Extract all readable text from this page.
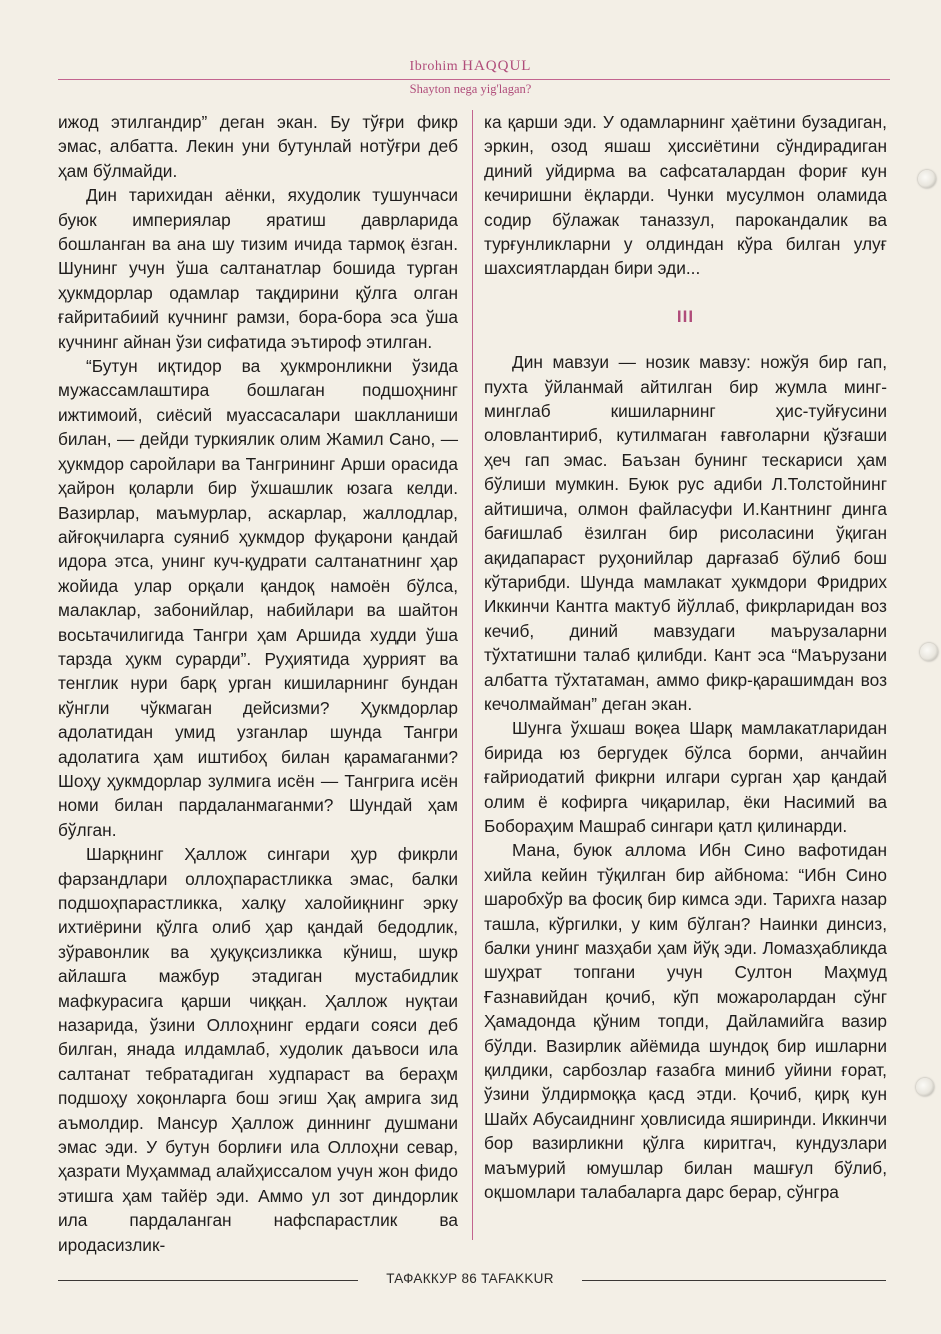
Ibrohim HAQQUL
Shayton nega yig'lagan?

ижод этилгандир” деган экан. Бу тўғри фикр эмас, албатта. Лекин уни бутунлай нотўғри деб ҳам бўлмайди.

Дин тарихидан аёнки, яхудолик тушунчаси буюк империялар яратиш даврларида бошланган ва ана шу тизим ичида тармоқ ёзган. Шунинг учун ўша салтанатлар бошида турган ҳукмдорлар одамлар тақдирини қўлга олган ғайритабиий кучнинг рамзи, бора-бора эса ўша кучнинг айнан ўзи сифатида эътироф этилган.

“Бутун иқтидор ва ҳукмронликни ўзида мужассамлаштира бошлаган подшоҳнинг ижтимоий, сиёсий муассасалари шаклланиши билан, — дейди туркиялик олим Жамил Сано, — ҳукмдор саройлари ва Тангрининг Арши орасида ҳайрон қоларли бир ўхшашлик юзага келди. Вазирлар, маъмурлар, аскарлар, жаллодлар, айғоқчиларга суяниб ҳукмдор фуқарони қандай идора этса, унинг куч-қудрати салтанатнинг ҳар жойида улар орқали қандоқ намоён бўлса, малаклар, забонийлар, набийлари ва шайтон восьтачилигида Тангри ҳам Аршида худди ўша тарзда ҳукм сурарди”. Руҳиятида ҳуррият ва тенглик нури барқ урган кишиларнинг бундан кўнгли чўкмаган дейсизми? Ҳукмдорлар адолатидан умид узганлар шунда Тангри адолатига ҳам иштибоҳ билан қарамаганми? Шоҳу ҳукмдорлар зулмига исён — Тангрига исён номи билан пардаланмаганми? Шундай ҳам бўлган.

Шарқнинг Ҳаллож сингари ҳур фикрли фарзандлари оллоҳпарастликка эмас, балки подшоҳпарастликка, халқу халойиқнинг эрку ихтиёрини қўлга олиб ҳар қандай бедодлик, зўравонлик ва ҳуқуқсизликка кўниш, шукр айлашга мажбур этадиган мустабидлик мафкурасига қарши чиққан. Ҳаллож нуқтаи назарида, ўзини Оллоҳнинг ердаги сояси деб билган, янада илдамлаб, худолик даъвоси ила салтанат тебратадиган худпараст ва бераҳм подшоҳу хоқонларга бош эгиш Ҳақ амрига зид аъмолдир. Мансур Ҳаллож диннинг душмани эмас эди. У бутун борлиғи ила Оллоҳни севар, ҳазрати Муҳаммад алайҳиссалом учун жон фидо этишга ҳам тайёр эди. Аммо ул зот диндорлик ила пардаланган нафспарастлик ва иродасизлик-

ка қарши эди. У одамларнинг ҳаётини бузадиган, эркин, озод яшаш ҳиссиётини сўндирадиган диний уйдирма ва сафсаталардан фориғ кун кечиришни ёқларди. Чунки мусулмон оламида содир бўлажак таназзул, парокандалик ва турғунликларни у олдиндан кўра билган улуғ шахсиятлардан бири эди...

III

Дин мавзуи — нозик мавзу: ножўя бир гап, пухта ўйланмай айтилган бир жумла минг-минглаб кишиларнинг ҳис-туйғусини оловлантириб, кутилмаган ғавғоларни қўзғаши ҳеч гап эмас. Баъзан бунинг тескариси ҳам бўлиши мумкин. Буюк рус адиби Л.Толстойнинг айтишича, олмон файласуфи И.Кантнинг динга бағишлаб ёзилган бир рисоласини ўқиган ақидапараст руҳонийлар дарғазаб бўлиб бош кўтарибди. Шунда мамлакат ҳукмдори Фридрих Иккинчи Кантга мактуб йўллаб, фикрларидан воз кечиб, диний мавзудаги маърузаларни тўхтатишни талаб қилибди. Кант эса “Маърузани албатта тўхтатаман, аммо фикр-қарашимдан воз кечолмайман” деган экан.

Шунга ўхшаш воқеа Шарқ мамлакатларидан бирида юз бергудек бўлса борми, анчайин ғайриодатий фикрни илгари сурган ҳар қандай олим ё кофирга чиқарилар, ёки Насимий ва Бобораҳим Машраб сингари қатл қилинарди.

Мана, буюк аллома Ибн Сино вафотидан хийла кейин тўқилган бир айбнома: “Ибн Сино шаробхўр ва фосиқ бир кимса эди. Тарихга назар ташла, кўргилки, у ким бўлган? Наинки динсиз, балки унинг мазҳаби ҳам йўқ эди. Ломазҳабликда шуҳрат топгани учун Султон Маҳмуд Ғазнавийдан қочиб, кўп можаролардан сўнг Ҳамадонда қўним топди, Дайламийга вазир бўлди. Вазирлик айёмида шундоқ бир ишларни қилдики, сарбозлар ғазабга миниб уйини ғорат, ўзини ўлдирмоққа қасд этди. Қочиб, қирқ кун Шайх Абусаиднинг ҳовлисида яширинди. Иккинчи бор вазирликни қўлга киритгач, кундузлари маъмурий юмушлар билан машғул бўлиб, оқшомлари талабаларга дарс берар, сўнгра

ТАФАККУР 86 TAFAKKUR
